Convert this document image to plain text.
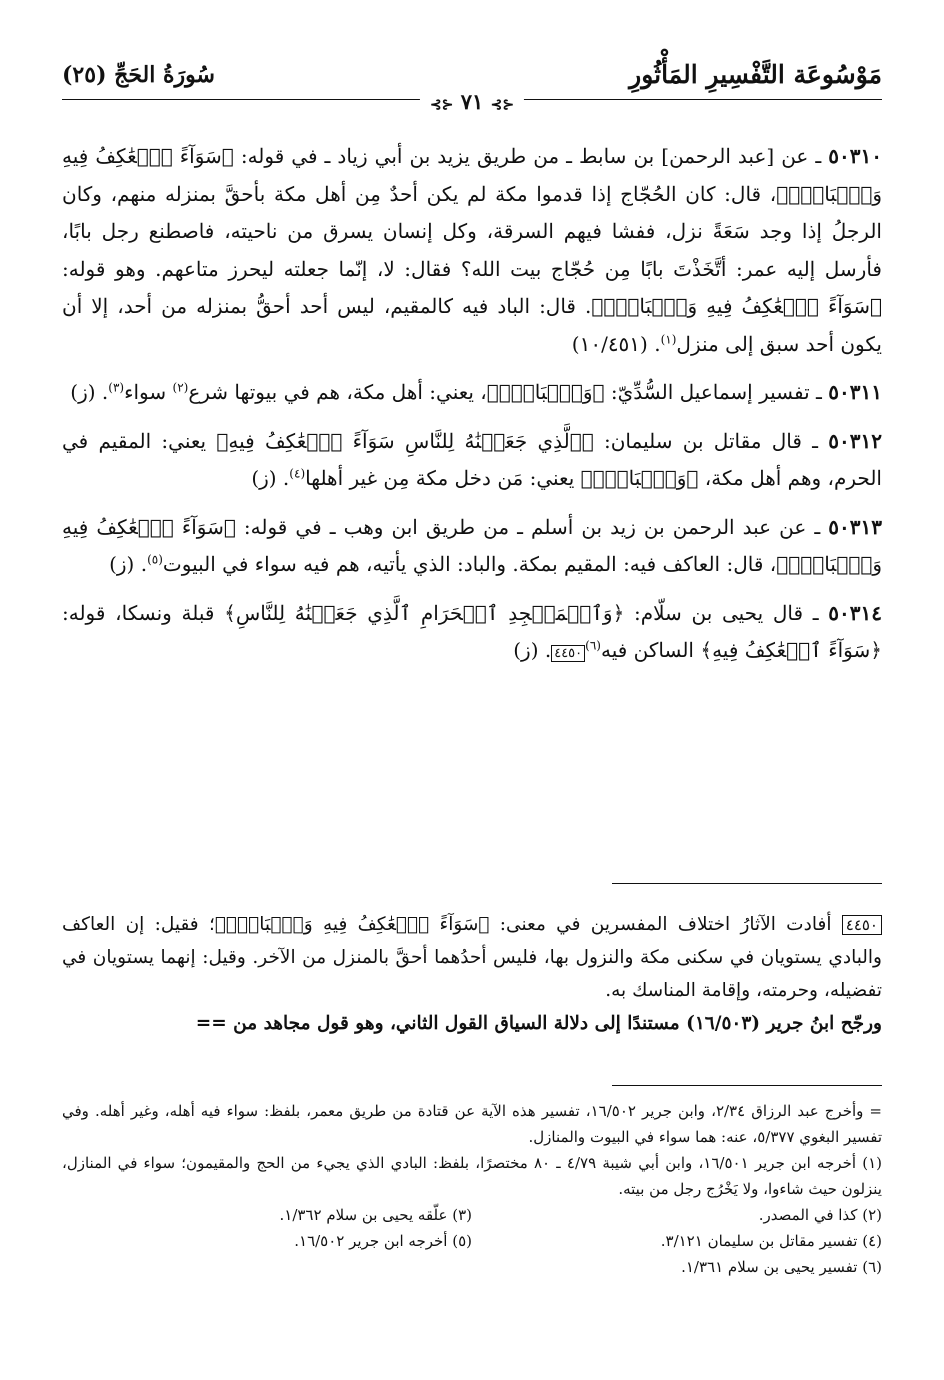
مَوْسُوعَة التَّفْسِيرِ المَأْثُورِ
سُورَةُ الحَجِّ (٢٥)
⊰⊱ ٧١ ⊰⊱

٥٠٣١٠ ـ عن [عبد الرحمن] بن سابط ـ من طريق يزيد بن أبي زياد ـ في قوله: ﴿سَوَآءً ٱلۡعَٰكِفُ فِيهِ وَٱلۡبَادِۚ﴾، قال: كان الحُجّاج إذا قدموا مكة لم يكن أحدٌ مِن أهل مكة بأحقَّ بمنزله منهم، وكان الرجلُ إذا وجد سَعَةً نزل، ففشا فيهم السرقة، وكل إنسان يسرق من ناحيته، فاصطنع رجل بابًا، فأرسل إليه عمر: أتَّخَذْتَ بابًا مِن حُجّاج بيت الله؟ فقال: لا، إنّما جعلته ليحرز متاعهم. وهو قوله: ﴿سَوَآءً ٱلۡعَٰكِفُ فِيهِ وَٱلۡبَادِۚ﴾. قال: الباد فيه كالمقيم، ليس أحد أحقُّ بمنزله من أحد، إلا أن يكون أحد سبق إلى منزل$^{(١)}$. (١٠/٤٥١)

٥٠٣١١ ـ تفسير إسماعيل السُّدِّيّ: ﴿وَٱلۡبَادِۚ﴾، يعني: أهل مكة، هم في بيوتها شرع$^{(٢)}$ سواء$^{(٣)}$. (ز)

٥٠٣١٢ ـ قال مقاتل بن سليمان: ﴿ٱلَّذِي جَعَلۡنَٰهُ لِلنَّاسِ سَوَآءً ٱلۡعَٰكِفُ فِيهِ﴾ يعني: المقيم في الحرم، وهم أهل مكة، ﴿وَٱلۡبَادِۚ﴾ يعني: مَن دخل مكة مِن غير أهلها$^{(٤)}$. (ز)

٥٠٣١٣ ـ عن عبد الرحمن بن زيد بن أسلم ـ من طريق ابن وهب ـ في قوله: ﴿سَوَآءً ٱلۡعَٰكِفُ فِيهِ وَٱلۡبَادِۚ﴾، قال: العاكف فيه: المقيم بمكة. والباد: الذي يأتيه، هم فيه سواء في البيوت$^{(٥)}$. (ز)

٥٠٣١٤ ـ قال يحيى بن سلّام: ﴿وَٱلۡمَسۡجِدِ ٱلۡحَرَامِ ٱلَّذِي جَعَلۡنَٰهُ لِلنَّاسِ﴾ قبلة ونسكا، قوله: ﴿سَوَآءً ٱلۡعَٰكِفُ فِيهِ﴾ الساكن فيه$^{(٦)}$٤٤٥٠. (ز)

٤٤٥٠ أفادت الآثارُ اختلاف المفسرين في معنى: ﴿سَوَآءً ٱلۡعَٰكِفُ فِيهِ وَٱلۡبَادِۚ﴾؛ فقيل: إن العاكف والبادي يستويان في سكنى مكة والنزول بها، فليس أحدُهما أحقَّ بالمنزل من الآخر. وقيل: إنهما يستويان في تفضيله، وحرمته، وإقامة المناسك به.

ورجّح ابنُ جرير (١٦/٥٠٣) مستندًا إلى دلالة السياق القول الثاني، وهو قول مجاهد من ==

= وأخرج عبد الرزاق ٢/٣٤، وابن جرير ١٦/٥٠٢، تفسير هذه الآية عن قتادة من طريق معمر، بلفظ: سواء فيه أهله، وغير أهله. وفي تفسير البغوي ٥/٣٧٧، عنه: هما سواء في البيوت والمنازل.

(١) أخرجه ابن جرير ١٦/٥٠١، وابن أبي شيبة ٤/٧٩ ـ ٨٠ مختصرًا، بلفظ: البادي الذي يجيء من الحج والمقيمون؛ سواء في المنازل، ينزلون حيث شاءوا، ولا يَخْرُج رجل من بيته.

(٢) كذا في المصدر.
(٣) علّقه يحيى بن سلام ١/٣٦٢.
(٤) تفسير مقاتل بن سليمان ٣/١٢١.
(٥) أخرجه ابن جرير ١٦/٥٠٢.

(٦) تفسير يحيى بن سلام ١/٣٦١.
